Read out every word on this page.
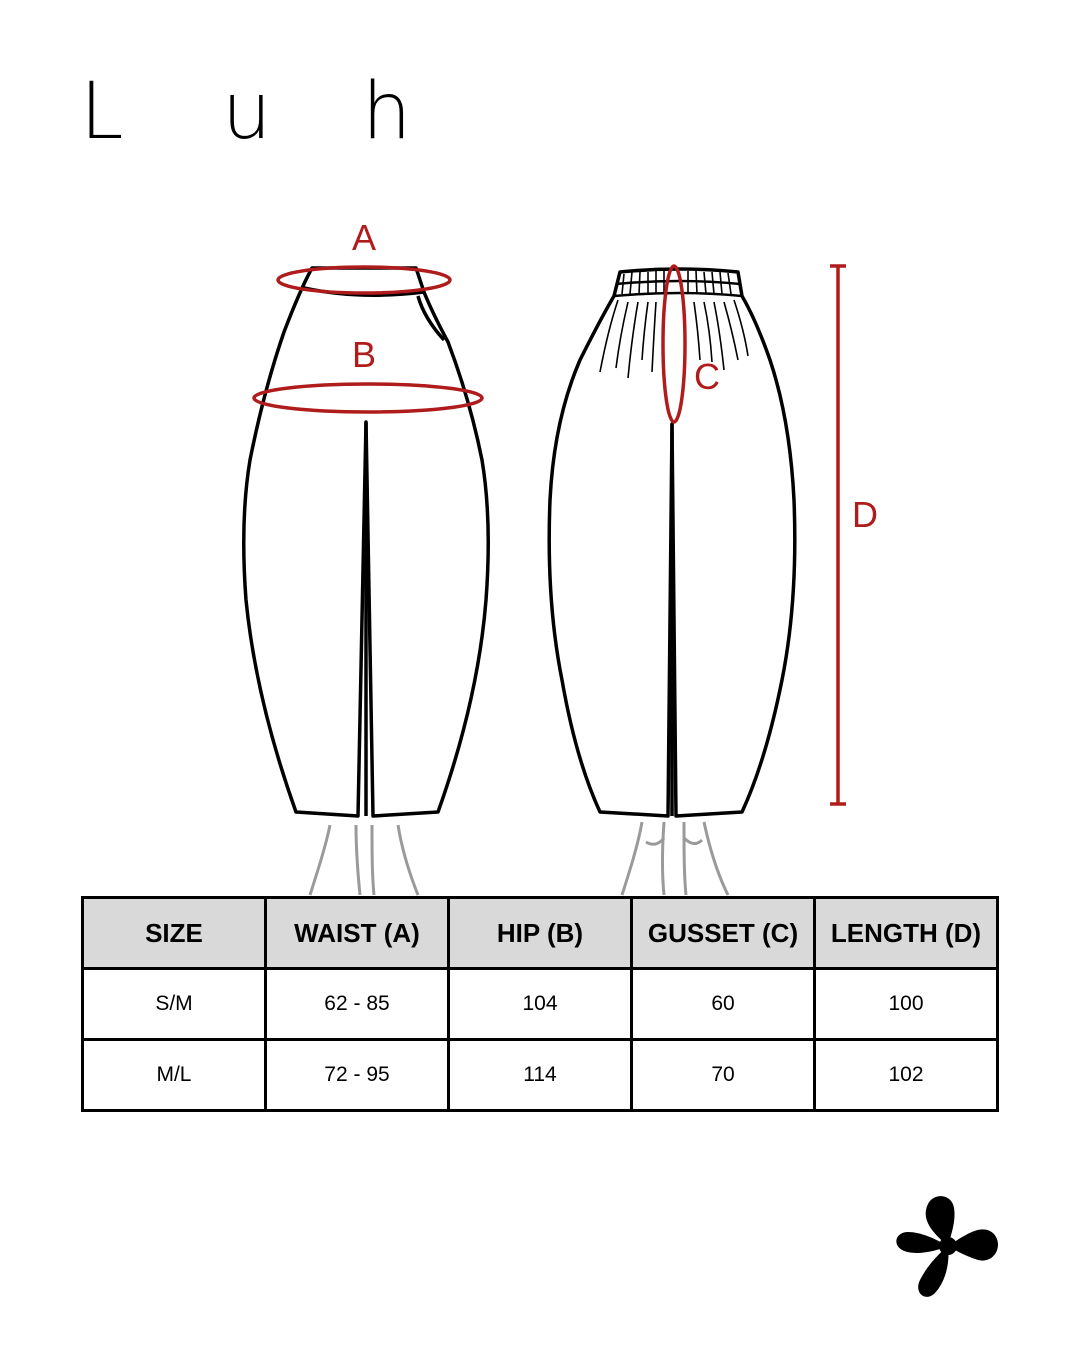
L	u	h
A
B
C
D
SIZE	WAIST (A)	HIP (B)	GUSSET (C)	LENGTH (D)
S/M	62 - 85	104	60	100
M/L	72 - 95	114	70	102
